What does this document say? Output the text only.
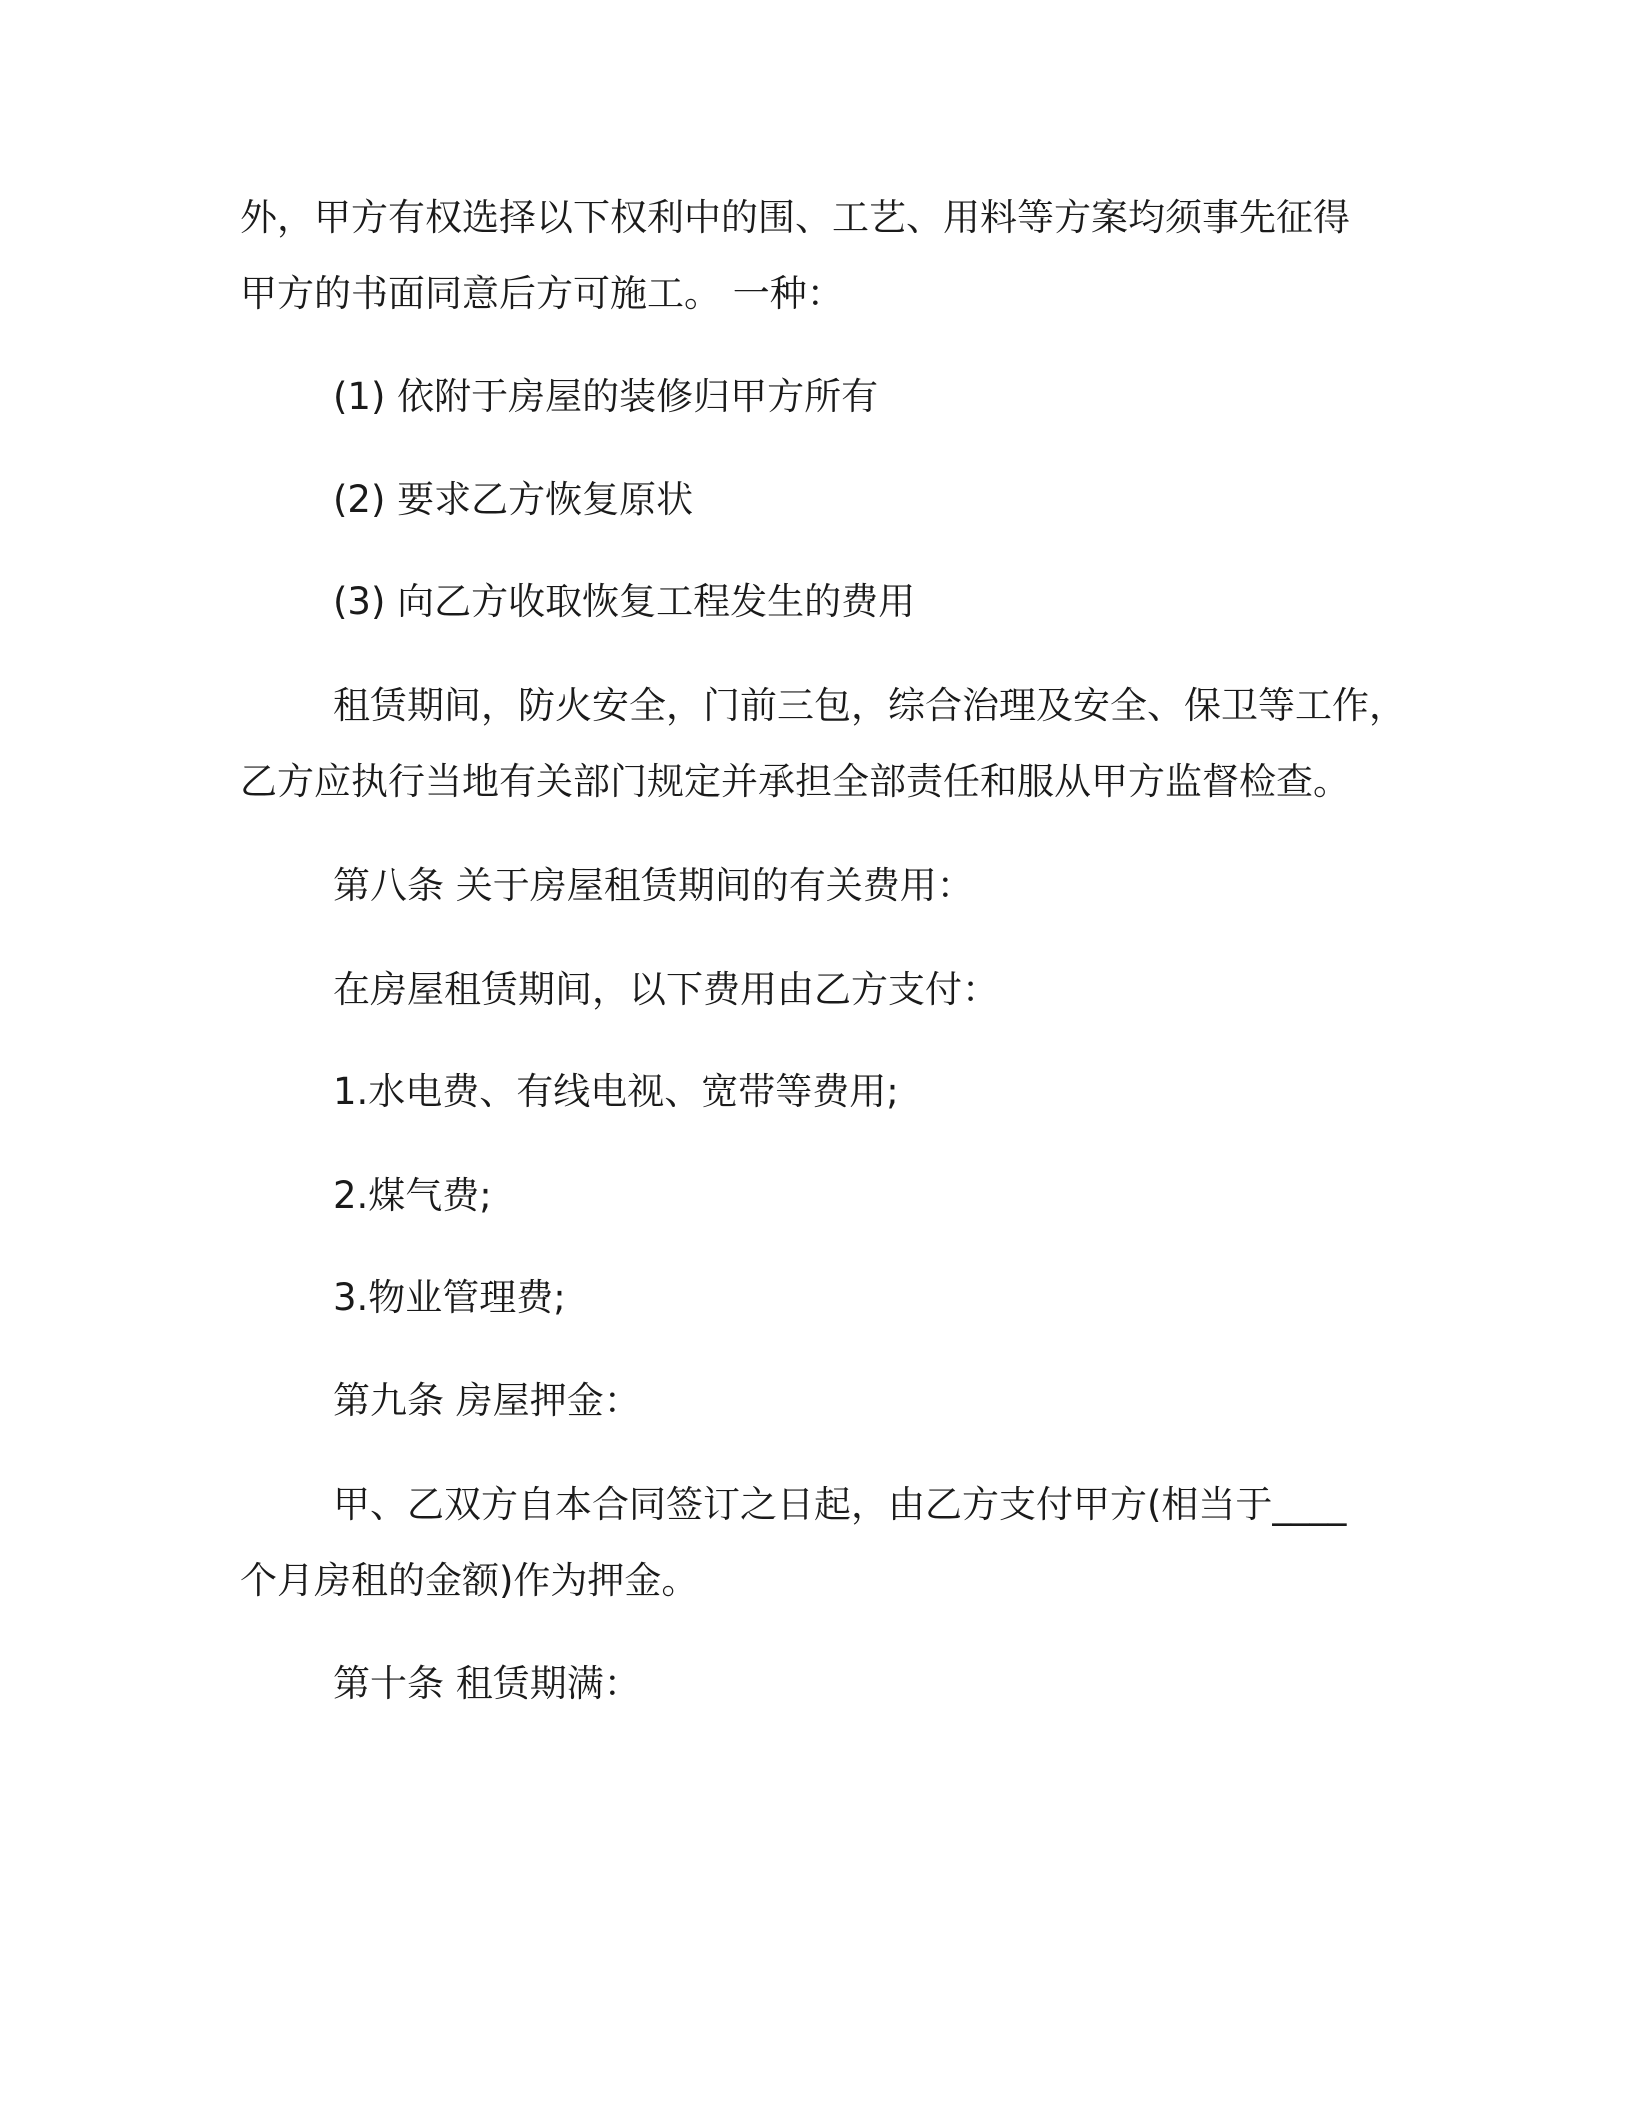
外，甲方有权选择以下权利中的围、工艺、用料等方案均须事先征得

甲方的书面同意后方可施工。 一种：

(1) 依附于房屋的装修归甲方所有

(2) 要求乙方恢复原状

(3) 向乙方收取恢复工程发生的费用

租赁期间，防火安全，门前三包，综合治理及安全、保卫等工作，

乙方应执行当地有关部门规定并承担全部责任和服从甲方监督检查。

第八条 关于房屋租赁期间的有关费用：

在房屋租赁期间，以下费用由乙方支付：

1.水电费、有线电视、宽带等费用;

2.煤气费;

3.物业管理费;

第九条 房屋押金：

甲、乙双方自本合同签订之日起，由乙方支付甲方(相当于____

个月房租的金额)作为押金。

第十条 租赁期满：
